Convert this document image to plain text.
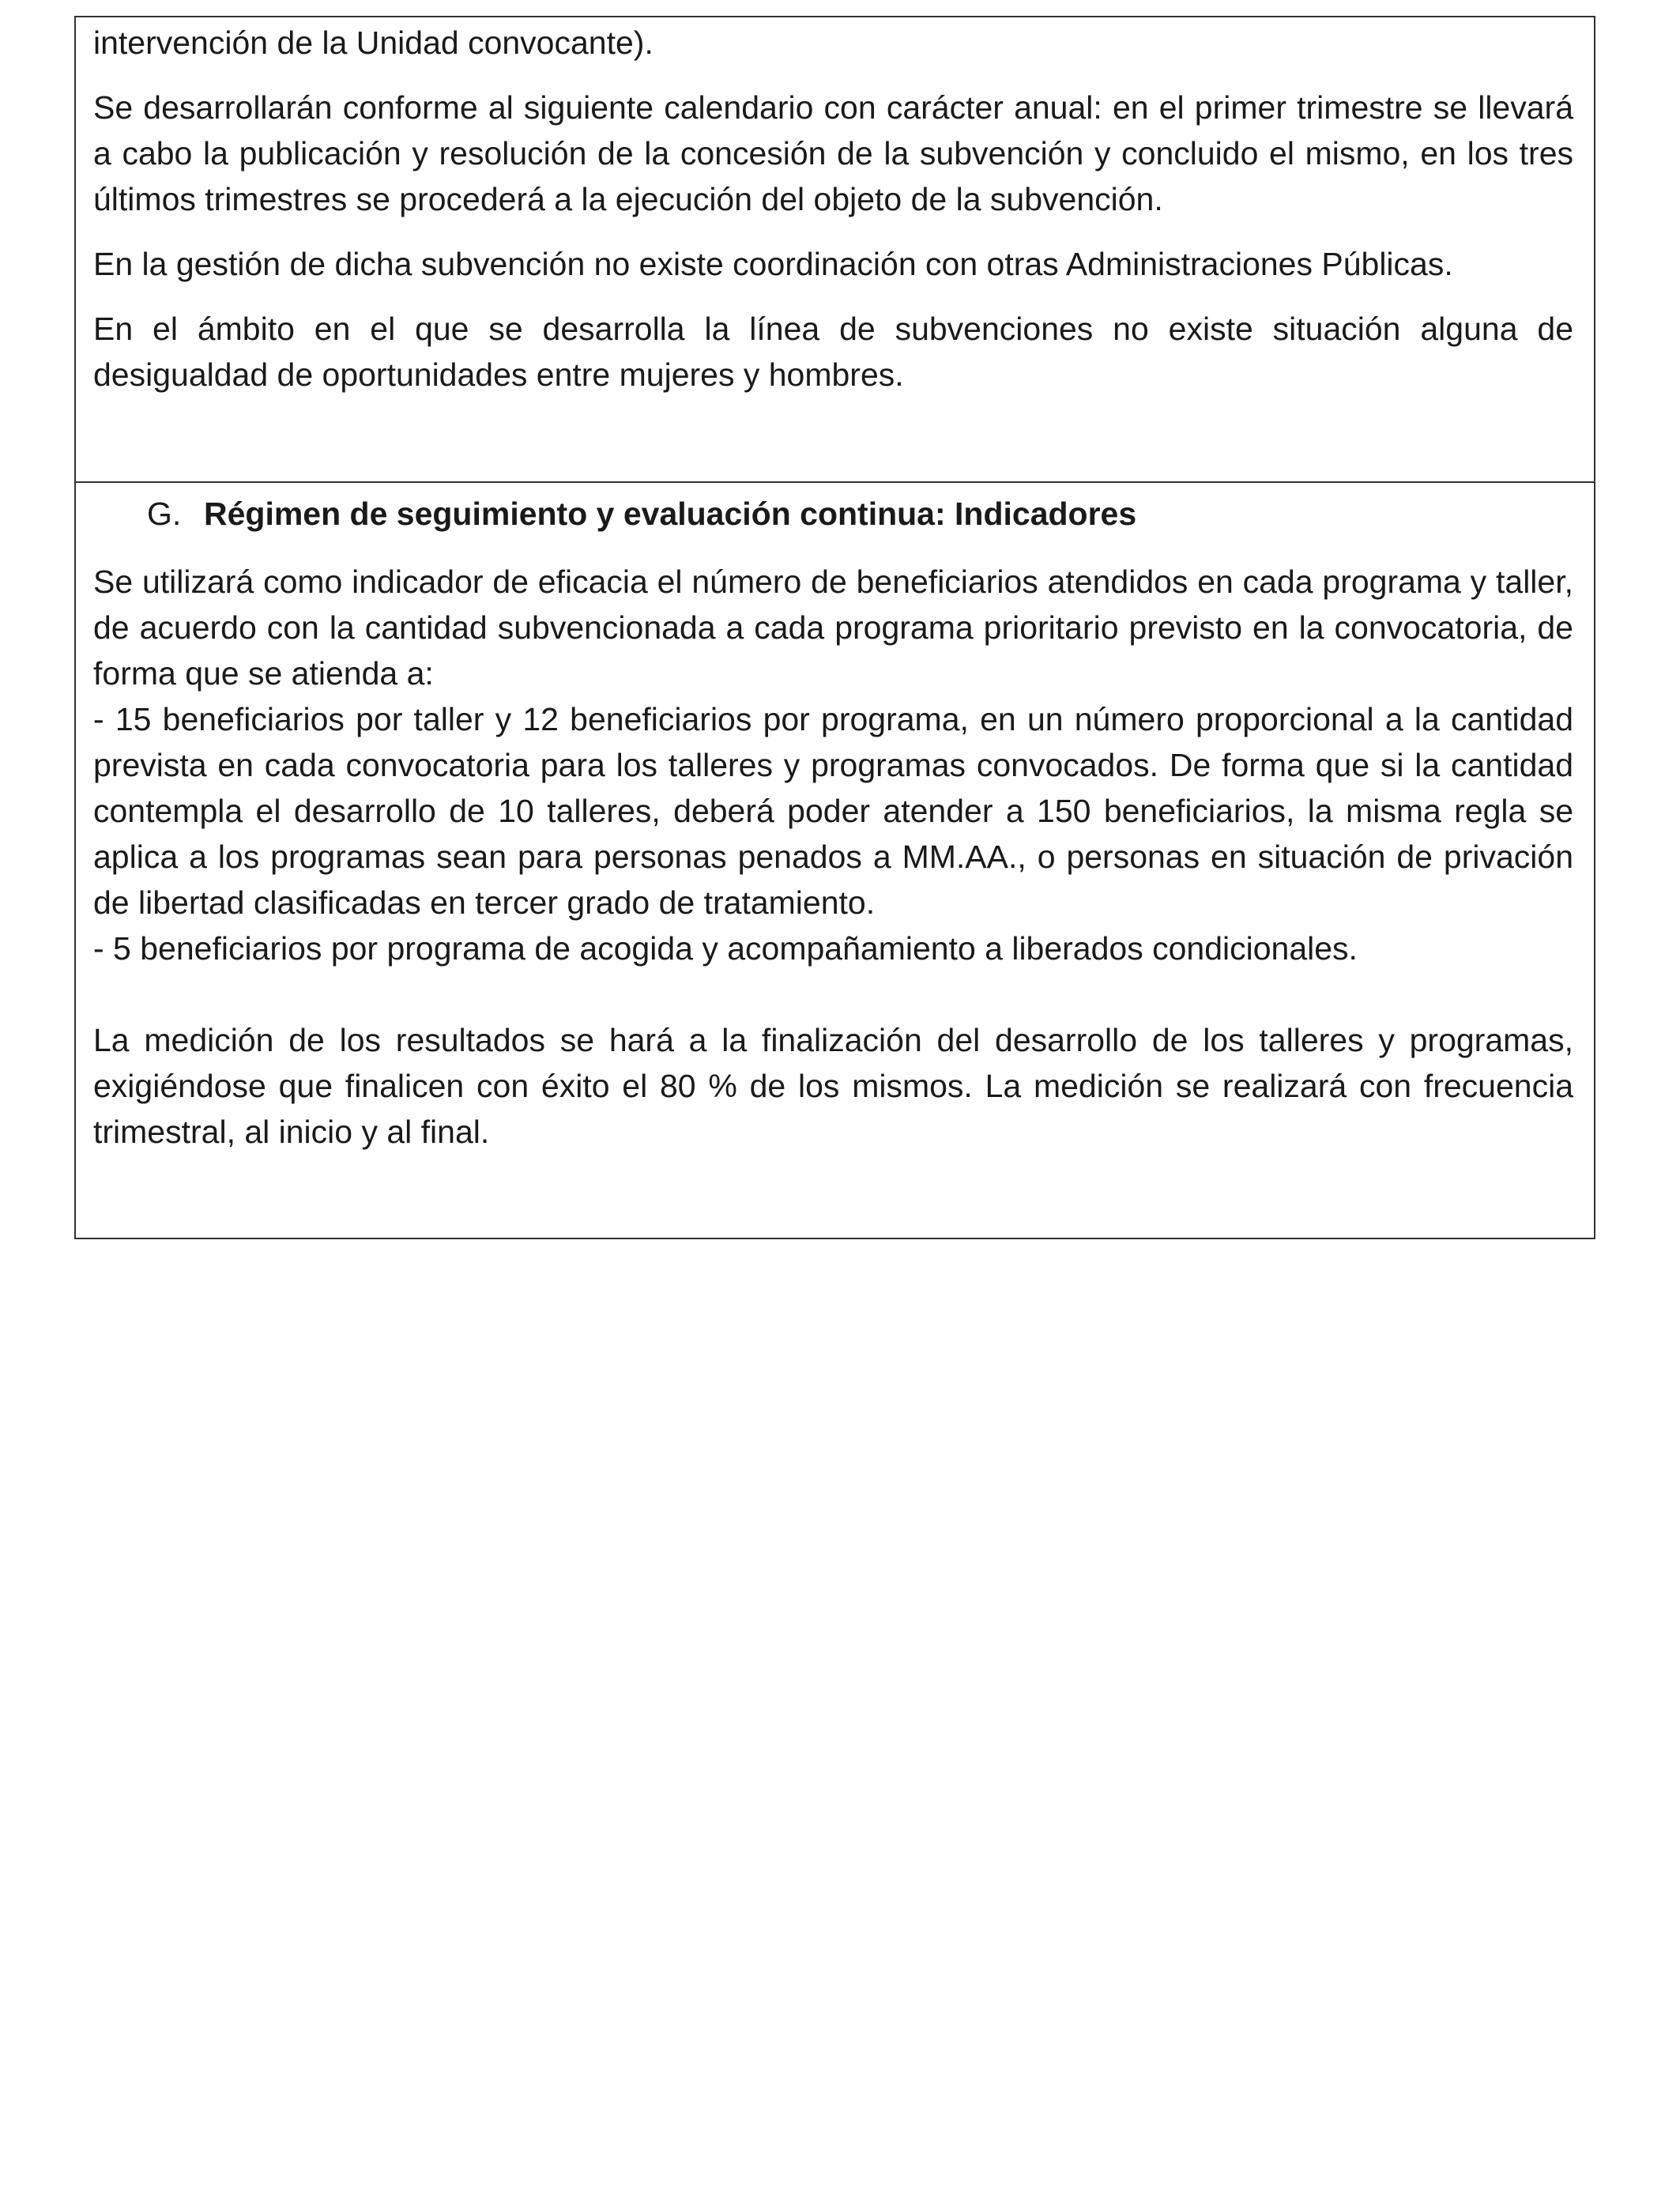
intervención de la Unidad convocante).

Se desarrollarán conforme al siguiente calendario con carácter anual: en el primer trimestre se llevará a cabo la publicación y resolución de la concesión de la subvención y concluido el mismo, en los tres últimos trimestres se procederá a la ejecución del objeto de la subvención.

En la gestión de dicha subvención no existe coordinación con otras Administraciones Públicas.

En el ámbito en el que se desarrolla la línea de subvenciones no existe situación alguna de desigualdad de oportunidades entre mujeres y hombres.

G. Régimen de seguimiento y evaluación continua: Indicadores

Se utilizará como indicador de eficacia el número de beneficiarios atendidos en cada programa y taller, de acuerdo con la cantidad subvencionada a cada programa prioritario previsto en la convocatoria, de forma que se atienda a:

- 15 beneficiarios por taller y 12 beneficiarios por programa, en un número proporcional a la cantidad prevista en cada convocatoria para los talleres y programas convocados. De forma que si la cantidad contempla el desarrollo de 10 talleres, deberá poder atender a 150 beneficiarios, la misma regla se aplica a los programas sean para personas penados a MM.AA., o personas en situación de privación de libertad clasificadas en tercer grado de tratamiento.

- 5 beneficiarios por programa de acogida y acompañamiento a liberados condicionales.

La medición de los resultados se hará a la finalización del desarrollo de los talleres y programas, exigiéndose que finalicen con éxito el 80 % de los mismos. La medición se realizará con frecuencia trimestral, al inicio y al final.
